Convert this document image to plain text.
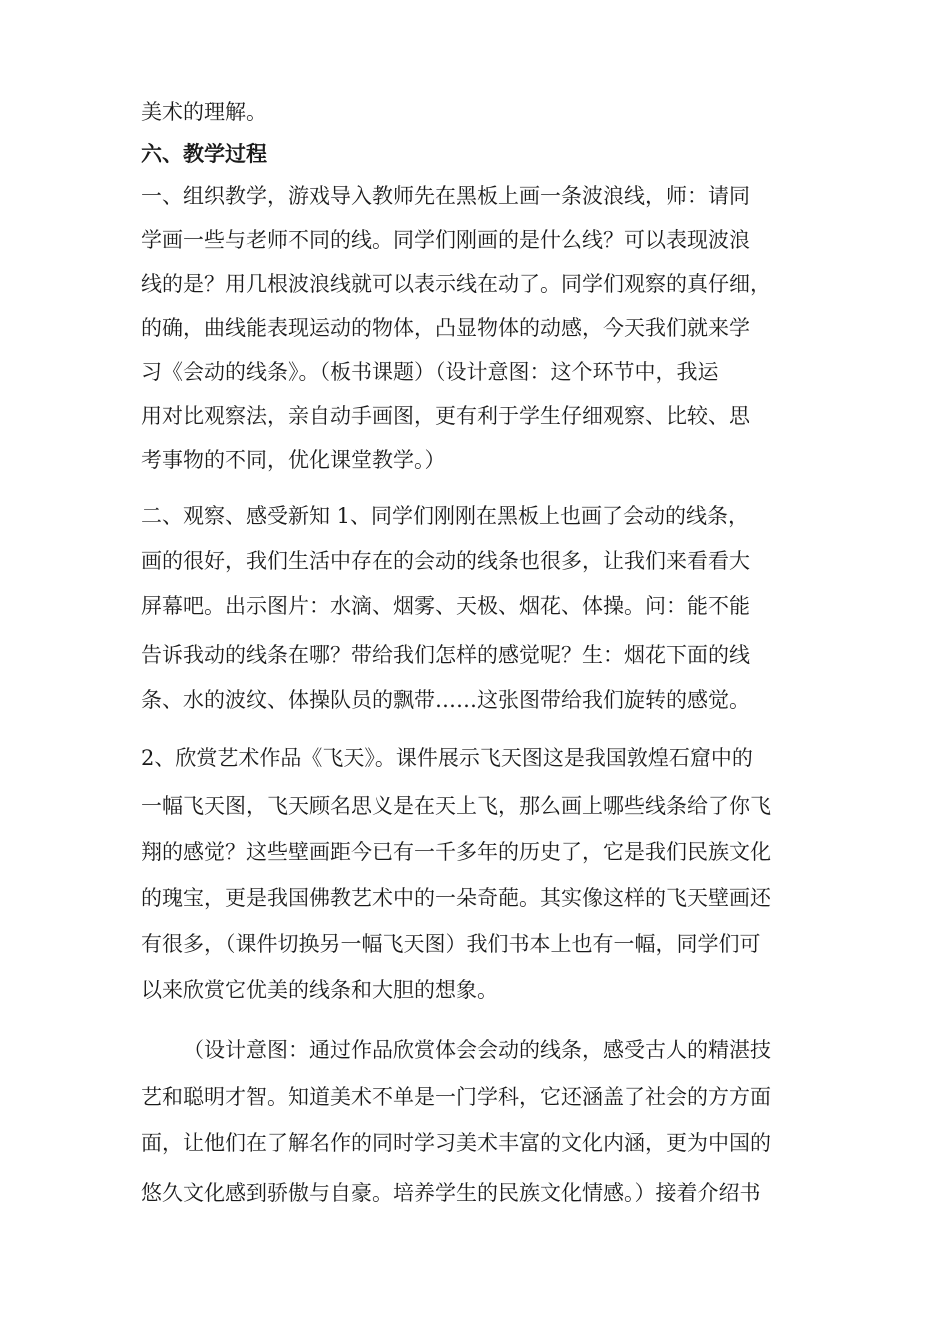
美术的理解。
六、教学过程
一、组织教学，游戏导入教师先在黑板上画一条波浪线，师：请同
学画一些与老师不同的线。同学们刚画的是什么线？可以表现波浪
线的是？用几根波浪线就可以表示线在动了。同学们观察的真仔细，
的确，曲线能表现运动的物体，凸显物体的动感，今天我们就来学
习《会动的线条》。（板书课题）（设计意图：这个环节中，我运
用对比观察法，亲自动手画图，更有利于学生仔细观察、比较、思
考事物的不同，优化课堂教学。）
二、观察、感受新知 1、同学们刚刚在黑板上也画了会动的线条，
画的很好，我们生活中存在的会动的线条也很多，让我们来看看大
屏幕吧。出示图片：水滴、烟雾、天极、烟花、体操。问：能不能
告诉我动的线条在哪？带给我们怎样的感觉呢？生：烟花下面的线
条、水的波纹、体操队员的飘带……这张图带给我们旋转的感觉。
2、欣赏艺术作品《飞天》。课件展示飞天图这是我国敦煌石窟中的
一幅飞天图，飞天顾名思义是在天上飞，那么画上哪些线条给了你飞
翔的感觉？这些壁画距今已有一千多年的历史了，它是我们民族文化
的瑰宝，更是我国佛教艺术中的一朵奇葩。其实像这样的飞天壁画还
有很多，（课件切换另一幅飞天图）我们书本上也有一幅，同学们可
以来欣赏它优美的线条和大胆的想象。
（设计意图：通过作品欣赏体会会动的线条，感受古人的精湛技
艺和聪明才智。知道美术不单是一门学科，它还涵盖了社会的方方面
面，让他们在了解名作的同时学习美术丰富的文化内涵，更为中国的
悠久文化感到骄傲与自豪。培养学生的民族文化情感。）接着介绍书
